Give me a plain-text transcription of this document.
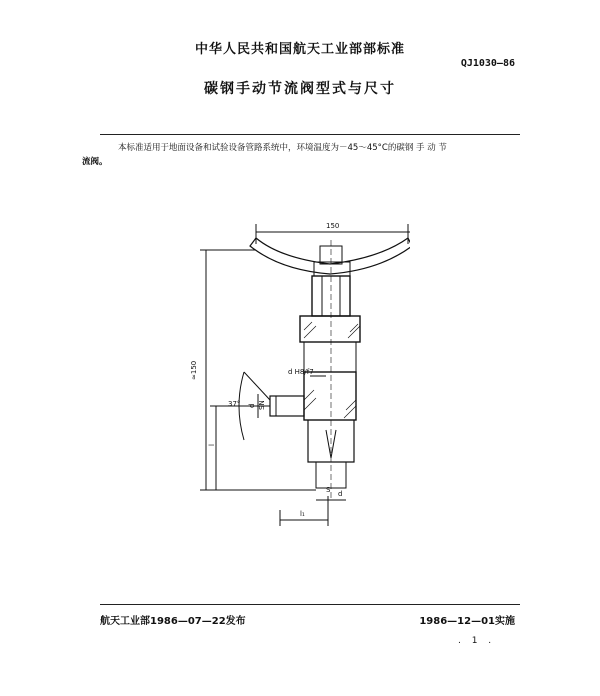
中华人民共和国航天工业部部标准
QJ1030—86
碳钢手动节流阀型式与尺寸
本标准适用于地面设备和试验设备管路系统中，环境温度为－45～45°C的碳钢 手 动 节
流阀。
150
≈150
37°
d H8/f7
d
l
l₁
d
S
SN
航天工业部1986—07—22发布	1986—12—01实施
. 1 .
